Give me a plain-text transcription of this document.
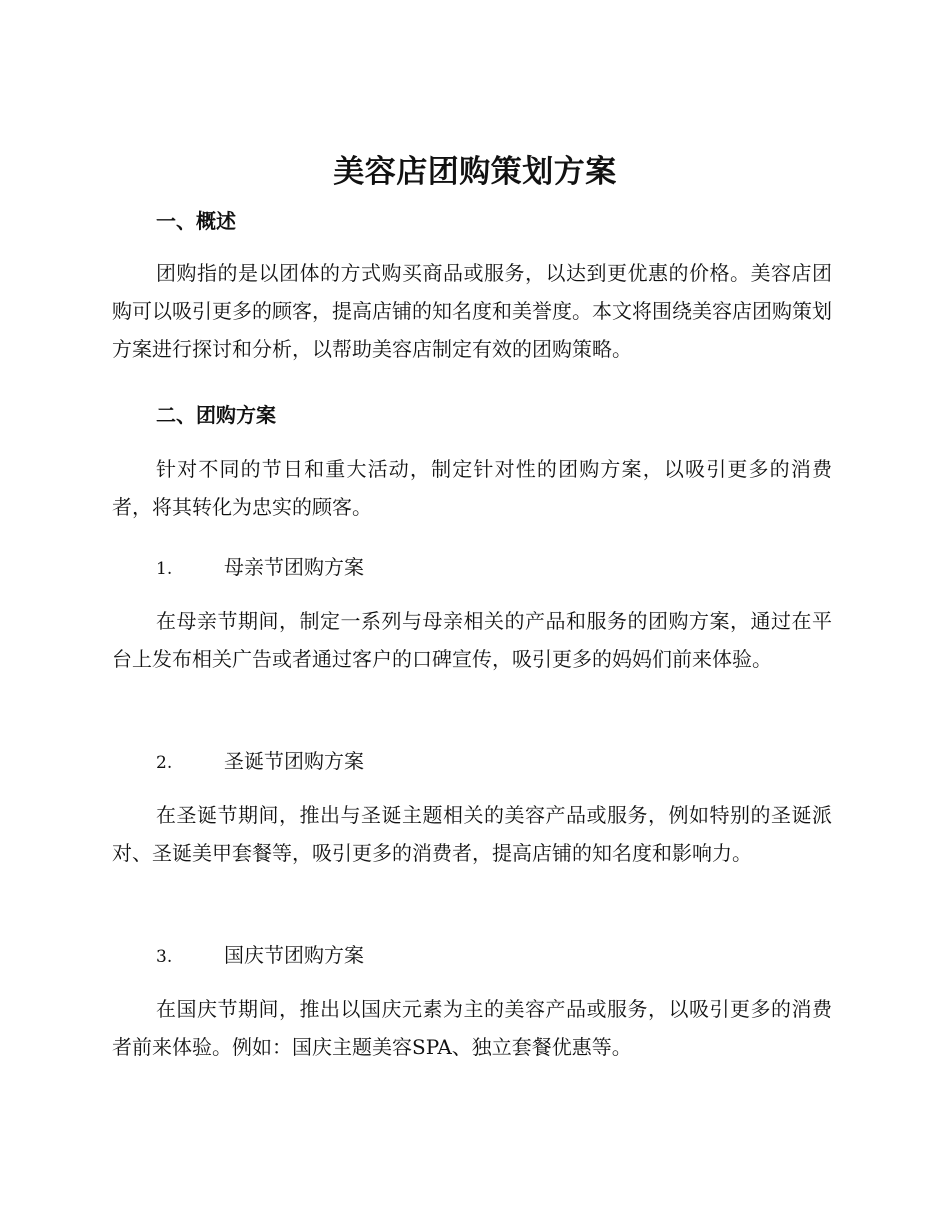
美容店团购策划方案
一、概述
团购指的是以团体的方式购买商品或服务，以达到更优惠的价格。美容店团购可以吸引更多的顾客，提高店铺的知名度和美誉度。本文将围绕美容店团购策划方案进行探讨和分析，以帮助美容店制定有效的团购策略。
二、团购方案
针对不同的节日和重大活动，制定针对性的团购方案，以吸引更多的消费者，将其转化为忠实的顾客。
1.	母亲节团购方案
在母亲节期间，制定一系列与母亲相关的产品和服务的团购方案，通过在平台上发布相关广告或者通过客户的口碑宣传，吸引更多的妈妈们前来体验。
2.	圣诞节团购方案
在圣诞节期间，推出与圣诞主题相关的美容产品或服务，例如特别的圣诞派对、圣诞美甲套餐等，吸引更多的消费者，提高店铺的知名度和影响力。
3.	国庆节团购方案
在国庆节期间，推出以国庆元素为主的美容产品或服务，以吸引更多的消费者前来体验。例如：国庆主题美容SPA、独立套餐优惠等。
